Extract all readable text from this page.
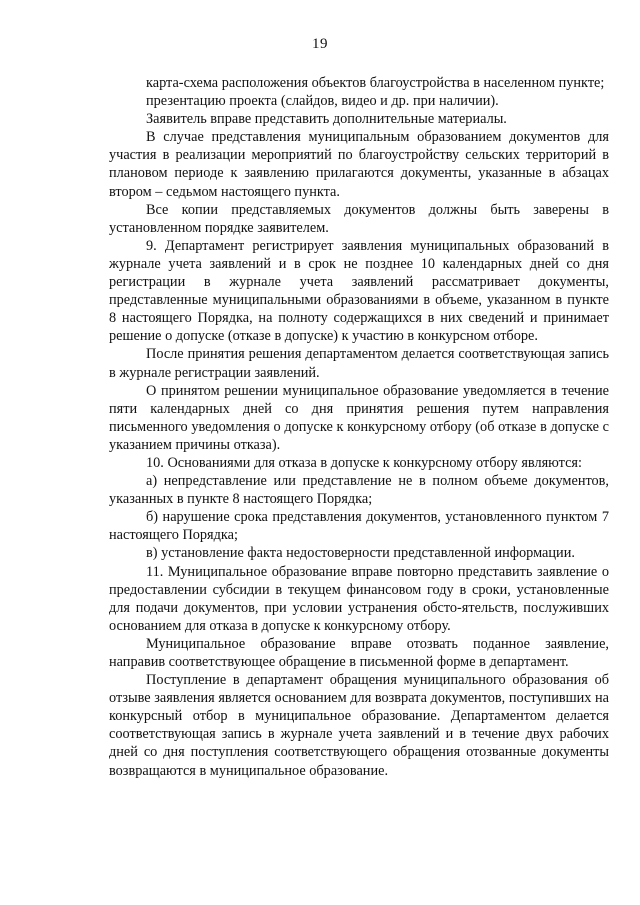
19

карта-схема расположения объектов благоустройства в населенном пункте;

презентацию проекта (слайдов, видео и др. при наличии).

Заявитель вправе представить дополнительные материалы.

В случае представления муниципальным образованием документов для участия в реализации мероприятий по благоустройству сельских территорий в плановом периоде к заявлению прилагаются документы, указанные в абзацах втором – седьмом настоящего пункта.

Все копии представляемых документов должны быть заверены в установленном порядке заявителем.

9. Департамент регистрирует заявления муниципальных образований в журнале учета заявлений и в срок не позднее 10 календарных дней со дня регистрации в журнале учета заявлений рассматривает документы, представленные муниципальными образованиями в объеме, указанном в пункте 8 настоящего Порядка, на полноту содержащихся в них сведений и принимает решение о допуске (отказе в допуске) к участию в конкурсном отборе.

После принятия решения департаментом делается соответствующая запись в журнале регистрации заявлений.

О принятом решении муниципальное образование уведомляется в течение пяти календарных дней со дня принятия решения путем направления письменного уведомления о допуске к конкурсному отбору (об отказе в допуске с указанием причины отказа).

10. Основаниями для отказа в допуске к конкурсному отбору являются:

а) непредставление или представление не в полном объеме документов, указанных в пункте 8 настоящего Порядка;

б) нарушение срока представления документов, установленного пунктом 7 настоящего Порядка;

в) установление факта недостоверности представленной информации.

11. Муниципальное образование вправе повторно представить заявление о предоставлении субсидии в текущем финансовом году в сроки, установленные для подачи документов, при условии устранения обсто-ятельств, послуживших основанием для отказа в допуске к конкурсному отбору.

Муниципальное образование вправе отозвать поданное заявление, направив соответствующее обращение в письменной форме в департамент.

Поступление в департамент обращения муниципального образования об отзыве заявления является основанием для возврата документов, поступивших на конкурсный отбор в муниципальное образование. Департаментом делается соответствующая запись в журнале учета заявлений и в течение двух рабочих дней со дня поступления соответствующего обращения отозванные документы возвращаются в муниципальное образование.
